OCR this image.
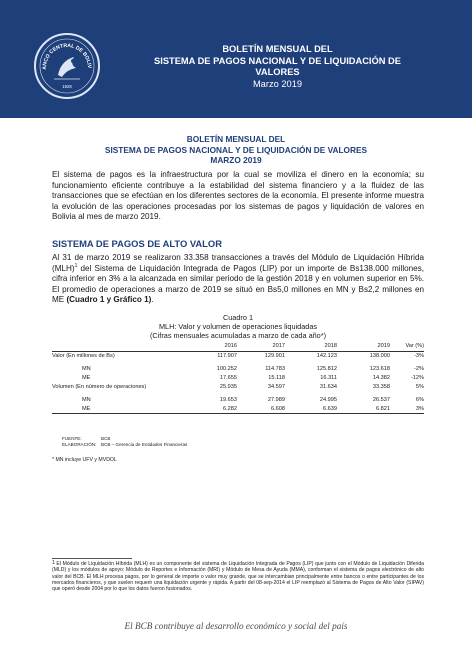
ANCO CENTRAL DE BOLIV
1928
BOLETÍN MENSUAL DEL
SISTEMA DE PAGOS NACIONAL Y DE LIQUIDACIÓN DE
VALORES
Marzo 2019
BOLETÍN MENSUAL DEL
SISTEMA DE PAGOS NACIONAL Y DE LIQUIDACIÓN DE VALORES
MARZO 2019
El sistema de pagos es la infraestructura por la cual se moviliza el dinero en la economía; su funcionamiento eficiente contribuye a la estabilidad del sistema financiero y a la fluidez de las transacciones que se efectúan en los diferentes sectores de la economía. El presente informe muestra la evolución de las operaciones procesadas por los sistemas de pagos y liquidación de valores en Bolivia al mes de marzo 2019.
SISTEMA DE PAGOS DE ALTO VALOR
Al 31 de marzo 2019 se realizaron 33.358 transacciones a través del Módulo de Liquidación Híbrida (MLH)$^1$ del Sistema de Liquidación Integrada de Pagos (LIP) por un importe de Bs138.000 millones, cifra inferior en 3% a la alcanzada en similar periodo de la gestión 2018 y en volumen superior en 5%. El promedio de operaciones a marzo de 2019 se situó en Bs5,0 millones en MN y Bs2,2 millones en ME (Cuadro 1 y Gráfico 1).
Cuadro 1
MLH: Valor y volumen de operaciones liquidadas
(Cifras mensuales acumuladas a marzo de cada año*)
	2016	2017	2018	2019	Var (%)
Valor (En millones de Bs)	117.907	129.901	142.123	138.000	-3%

MN	100.252	114.783	125.812	123.618	-2%
ME	17.655	15.118	16.311	14.382	-12%
Volumen (En número de operaciones)	25.935	34.597	31.634	33.358	5%

MN	19.653	27.989	24.995	26.537	6%
ME	6.282	6.608	6.639	6.821	3%
FUENTE:	BCB
ELABORACIÓN: BCB – Gerencia de Entidades Financieras
* MN incluye UFV y MVDOL
$^1$ El Módulo de Liquidación Híbrida (MLH) es un componente del sistema de Liquidación Integrada de Pagos (LIP) que junto con el Módulo de Liquidación Diferida (MLD) y los módulos de apoyo: Módulo de Reportes e Información (MRI) y Módulo de Mesa de Ayuda (MMA), conforman el sistema de pagos electrónico de alto valor del BCB. El MLH procesa pagos, por lo general de importe o valor muy grande, que se intercambian principalmente entre bancos o entre participantes de los mercados financieros, y que suelen requerir una liquidación urgente y rápida. A partir del 08-sep-2014 el LIP reemplazó al Sistema de Pagos de Alto Valor (SIPAV) que operó desde 2004 por lo que los datos fueron fusionados.
El BCB contribuye al desarrollo económico y social del país
